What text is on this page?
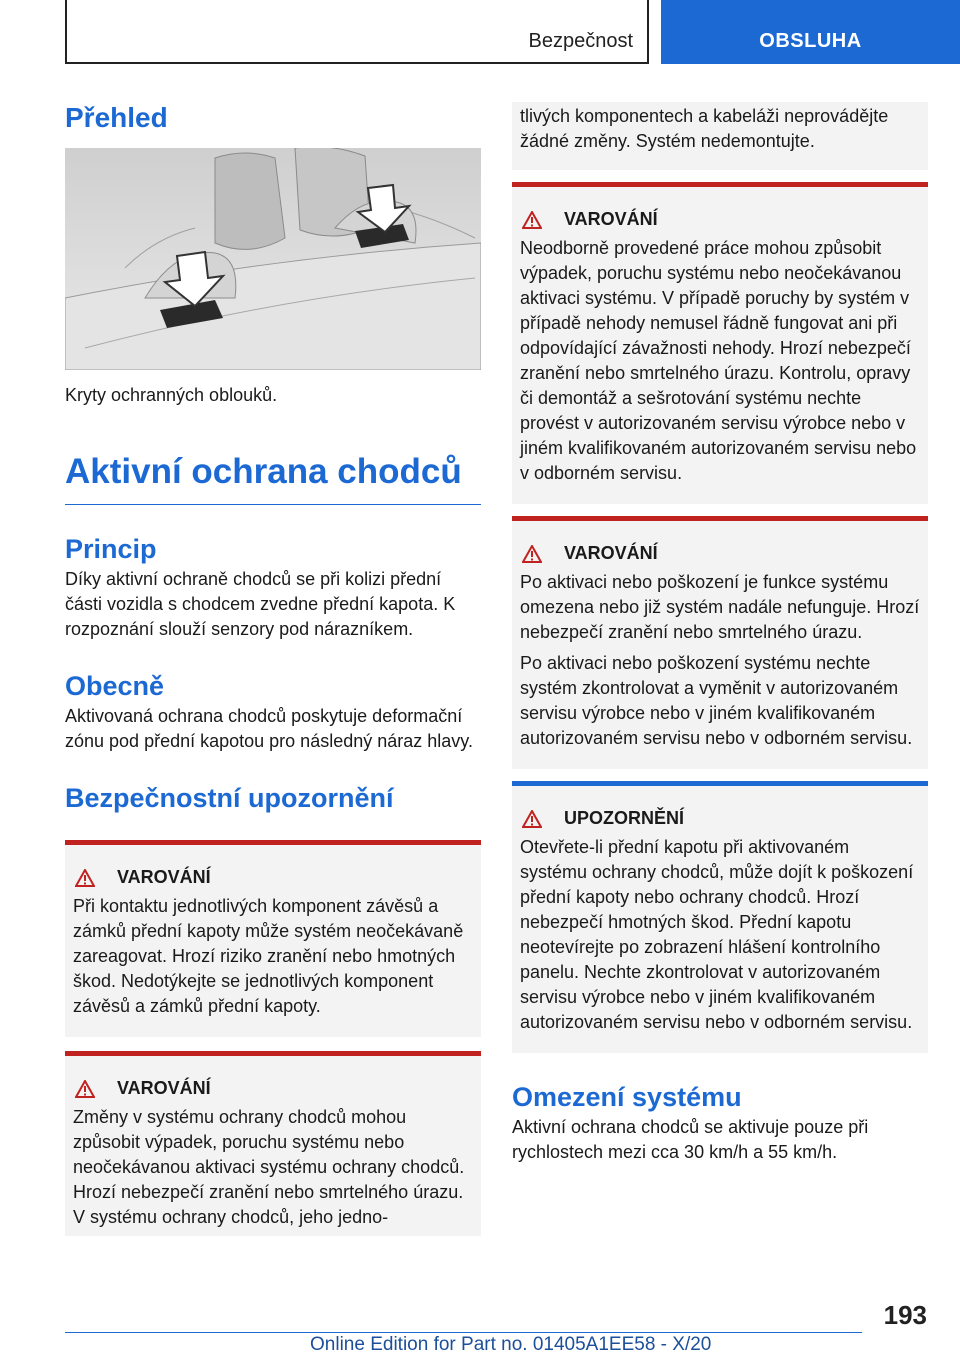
Bezpečnost	OBSLUHA
Přehled

Kryty ochranných oblouků.

Aktivní ochrana chodců
Princip

Díky aktivní ochraně chodců se při kolizi přední části vozidla s chodcem zvedne přední kapota. K rozpoznání slouží senzory pod nárazníkem.

Obecně

Aktivovaná ochrana chodců poskytuje deformační zónu pod přední kapotou pro následný náraz hlavy.

Bezpečnostní upozornění
VAROVÁNÍ

Při kontaktu jednotlivých komponent závěsů a zámků přední kapoty může systém neočekávaně zareagovat. Hrozí riziko zranění nebo hmotných škod. Nedotýkejte se jednotlivých komponent závěsů a zámků přední kapoty.

VAROVÁNÍ

Změny v systému ochrany chodců mohou způsobit výpadek, poruchu systému nebo neočekávanou aktivaci systému ochrany chodců. Hrozí nebezpečí zranění nebo smrtelného úrazu. V systému ochrany chodců, jeho jedno-

tlivých komponentech a kabeláži neprovádějte žádné změny. Systém nedemontujte.

VAROVÁNÍ

Neodborně provedené práce mohou způsobit výpadek, poruchu systému nebo neočekávanou aktivaci systému. V případě poruchy by systém v případě nehody nemusel řádně fungovat ani při odpovídající závažnosti nehody. Hrozí nebezpečí zranění nebo smrtelného úrazu. Kontrolu, opravy či demontáž a sešrotování systému nechte provést v autorizovaném servisu výrobce nebo v jiném kvalifikovaném autorizovaném servisu nebo v odborném servisu.

VAROVÁNÍ

Po aktivaci nebo poškození je funkce systému omezena nebo již systém nadále nefunguje. Hrozí nebezpečí zranění nebo smrtelného úrazu.

Po aktivaci nebo poškození systému nechte systém zkontrolovat a vyměnit v autorizovaném servisu výrobce nebo v jiném kvalifikovaném autorizovaném servisu nebo v odborném servisu.

UPOZORNĚNÍ

Otevřete-li přední kapotu při aktivovaném systému ochrany chodců, může dojít k poškození přední kapoty nebo ochrany chodců. Hrozí nebezpečí hmotných škod. Přední kapotu neotevírejte po zobrazení hlášení kontrolního panelu. Nechte zkontrolovat v autorizovaném servisu výrobce nebo v jiném kvalifikovaném autorizovaném servisu nebo v odborném servisu.

Omezení systému

Aktivní ochrana chodců se aktivuje pouze při rychlostech mezi cca 30 km/h a 55 km/h.

193
Online Edition for Part no. 01405A1EE58 - X/20
